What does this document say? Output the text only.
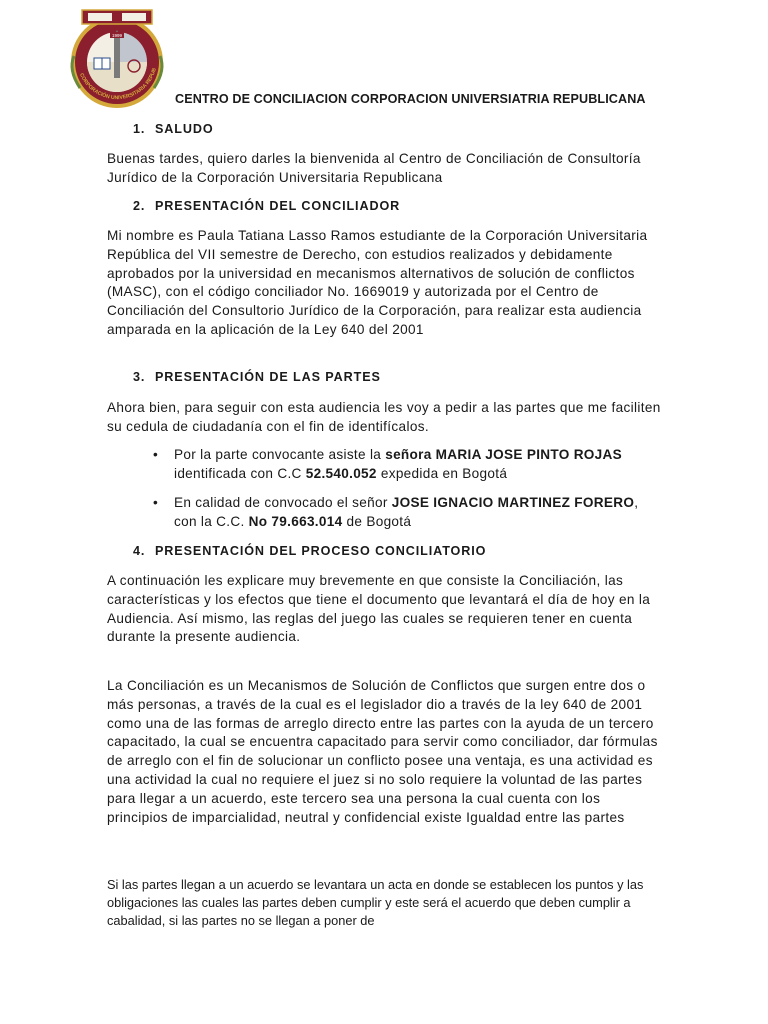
1999
CORPORACIÓN UNIVERSITARIA REPUB
CENTRO DE CONCILIACION CORPORACION UNIVERSIATRIA REPUBLICANA
1. SALUDO

Buenas tardes, quiero darles la bienvenida al Centro de Conciliación de Consultoría Jurídico de la Corporación Universitaria Republicana

2. PRESENTACIÓN DEL CONCILIADOR

Mi nombre es Paula Tatiana Lasso Ramos estudiante de la Corporación Universitaria República del VII semestre de Derecho, con estudios realizados y debidamente aprobados por la universidad en mecanismos alternativos de solución de conflictos (MASC), con el código conciliador No. 1669019 y autorizada por el Centro de Conciliación del Consultorio Jurídico de la Corporación, para realizar esta audiencia amparada en la aplicación de la Ley 640 del 2001

3. PRESENTACIÓN DE LAS PARTES

Ahora bien, para seguir con esta audiencia les voy a pedir a las partes que me faciliten su cedula de ciudadanía con el fin de identifícalos.

• Por la parte convocante asiste la señora MARIA JOSE PINTO ROJAS identificada con C.C 52.540.052 expedida en Bogotá

• En calidad de convocado el señor JOSE IGNACIO MARTINEZ FORERO, con la C.C. No 79.663.014 de Bogotá

4. PRESENTACIÓN DEL PROCESO CONCILIATORIO

A continuación les explicare muy brevemente en que consiste la Conciliación, las características y los efectos que tiene el documento que levantará el día de hoy en la Audiencia. Así mismo, las reglas del juego las cuales se requieren tener en cuenta durante la presente audiencia.

La Conciliación es un Mecanismos de Solución de Conflictos que surgen entre dos o más personas, a través de la cual es el legislador dio a través de la ley 640 de 2001 como una de las formas de arreglo directo entre las partes con la ayuda de un tercero capacitado, la cual se encuentra capacitado para servir como conciliador, dar fórmulas de arreglo con el fin de solucionar un conflicto posee una ventaja, es una actividad es una actividad la cual no requiere el juez si no solo requiere la voluntad de las partes para llegar a un acuerdo, este tercero sea una persona la cual cuenta con los principios de imparcialidad, neutral y confidencial existe Igualdad entre las partes

Si las partes llegan a un acuerdo se levantara un acta en donde se establecen los puntos y las obligaciones las cuales las partes deben cumplir y este será el acuerdo que deben cumplir a cabalidad, si las partes no se llegan a poner de
